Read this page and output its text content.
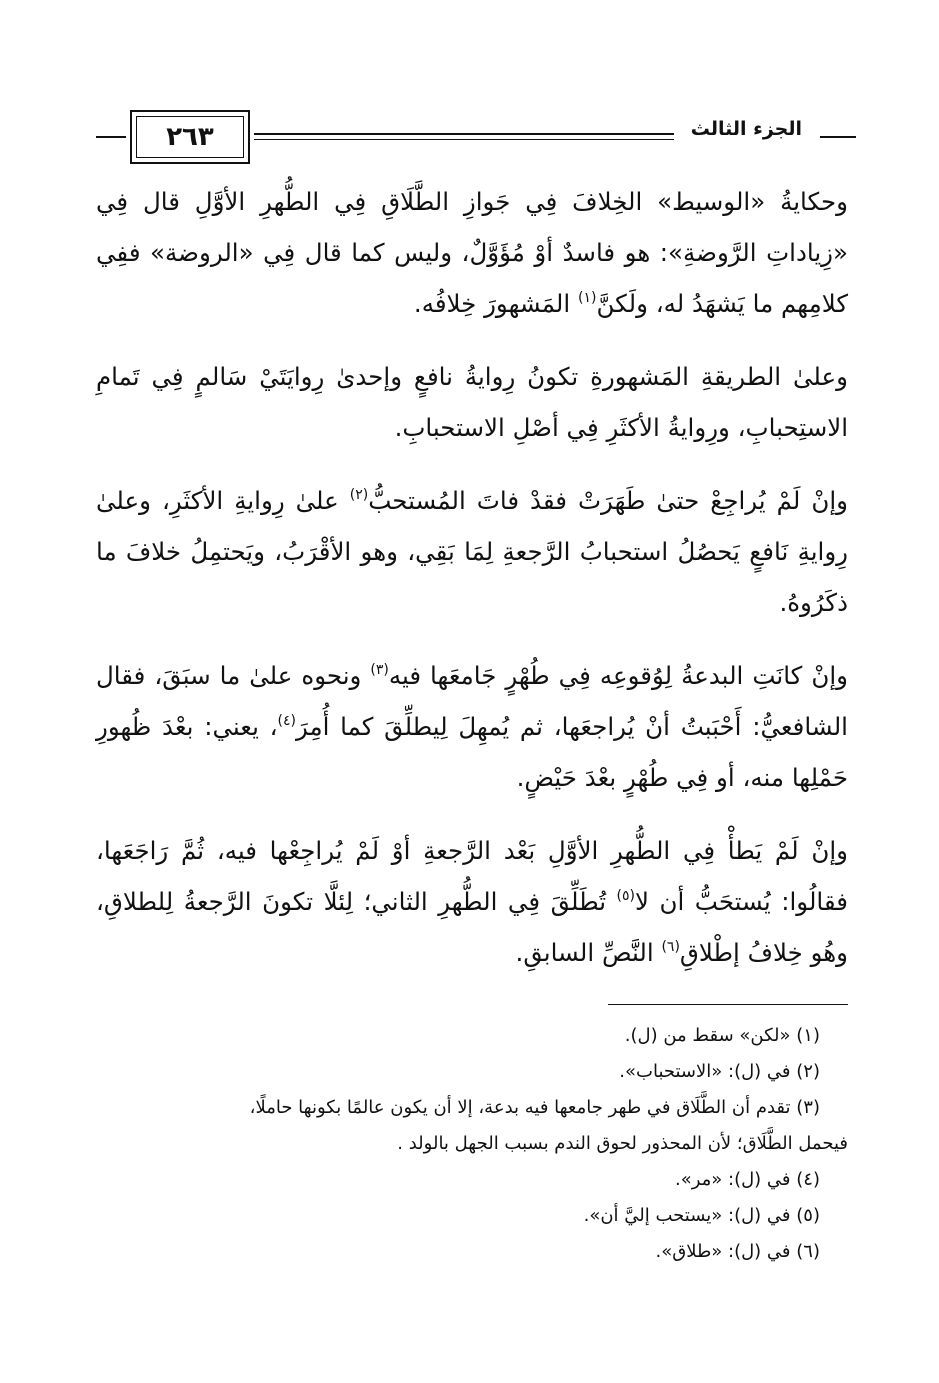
٢٦٣	الجزء الثالث

وحكايةُ «الوسيط» الخِلافَ فِي جَوازِ الطَّلَاقِ فِي الطُّهرِ الأوَّلِ قال فِي «زِياداتِ الرَّوضةِ»: هو فاسدٌ أوْ مُؤَوَّلٌ، وليس كما قال فِي «الروضة» ففِي كلامِهم ما يَشهَدُ له، ولَكنَّ$^{(١)}$ المَشهورَ خِلافُه.

وعلىٰ الطريقةِ المَشهورةِ تكونُ رِوايةُ نافعٍ وإحدىٰ رِوايَتَيْ سَالمٍ فِي تَمامِ الاستِحبابِ، ورِوايةُ الأكثَرِ فِي أصْلِ الاستحبابِ.

وإنْ لَمْ يُراجِعْ حتىٰ طَهَرَتْ فقدْ فاتَ المُستحبُّ$^{(٢)}$ علىٰ رِوايةِ الأكثَرِ، وعلىٰ رِوايةِ نَافعٍ يَحصُلُ استحبابُ الرَّجعةِ لِمَا بَقِي، وهو الأقْرَبُ، ويَحتمِلُ خلافَ ما ذكَرُوهُ.

وإنْ كانَتِ البدعةُ لِوُقوعِه فِي طُهْرٍ جَامعَها فيه$^{(٣)}$ ونحوه علىٰ ما سبَقَ، فقال الشافعيُّ: أَحْبَبتُ أنْ يُراجعَها، ثم يُمهِلَ لِيطلِّقَ كما أُمِرَ$^{(٤)}$، يعني: بعْدَ ظُهورِ حَمْلِها منه، أو فِي طُهْرٍ بعْدَ حَيْضٍ.

وإنْ لَمْ يَطأْ فِي الطُّهرِ الأوَّلِ بَعْد الرَّجعةِ أوْ لَمْ يُراجِعْها فيه، ثُمَّ رَاجَعَها، فقالُوا: يُستحَبُّ أن لا$^{(٥)}$ تُطَلِّقَ فِي الطُّهرِ الثاني؛ لِئلَّا تكونَ الرَّجعةُ لِلطلاقِ، وهُو خِلافُ إطْلاقِ$^{(٦)}$ النَّصِّ السابقِ.

(١) «لكن» سقط من (ل).

(٢) في (ل): «الاستحباب».

(٣) تقدم أن الطَّلَاق في طهر جامعها فيه بدعة، إلا أن يكون عالمًا بكونها حاملًا،
فيحمل الطَّلَاق؛ لأن المحذور لحوق الندم بسبب الجهل بالولد .

(٤) في (ل): «مر».

(٥) في (ل): «يستحب إليَّ أن».

(٦) في (ل): «طلاق».
